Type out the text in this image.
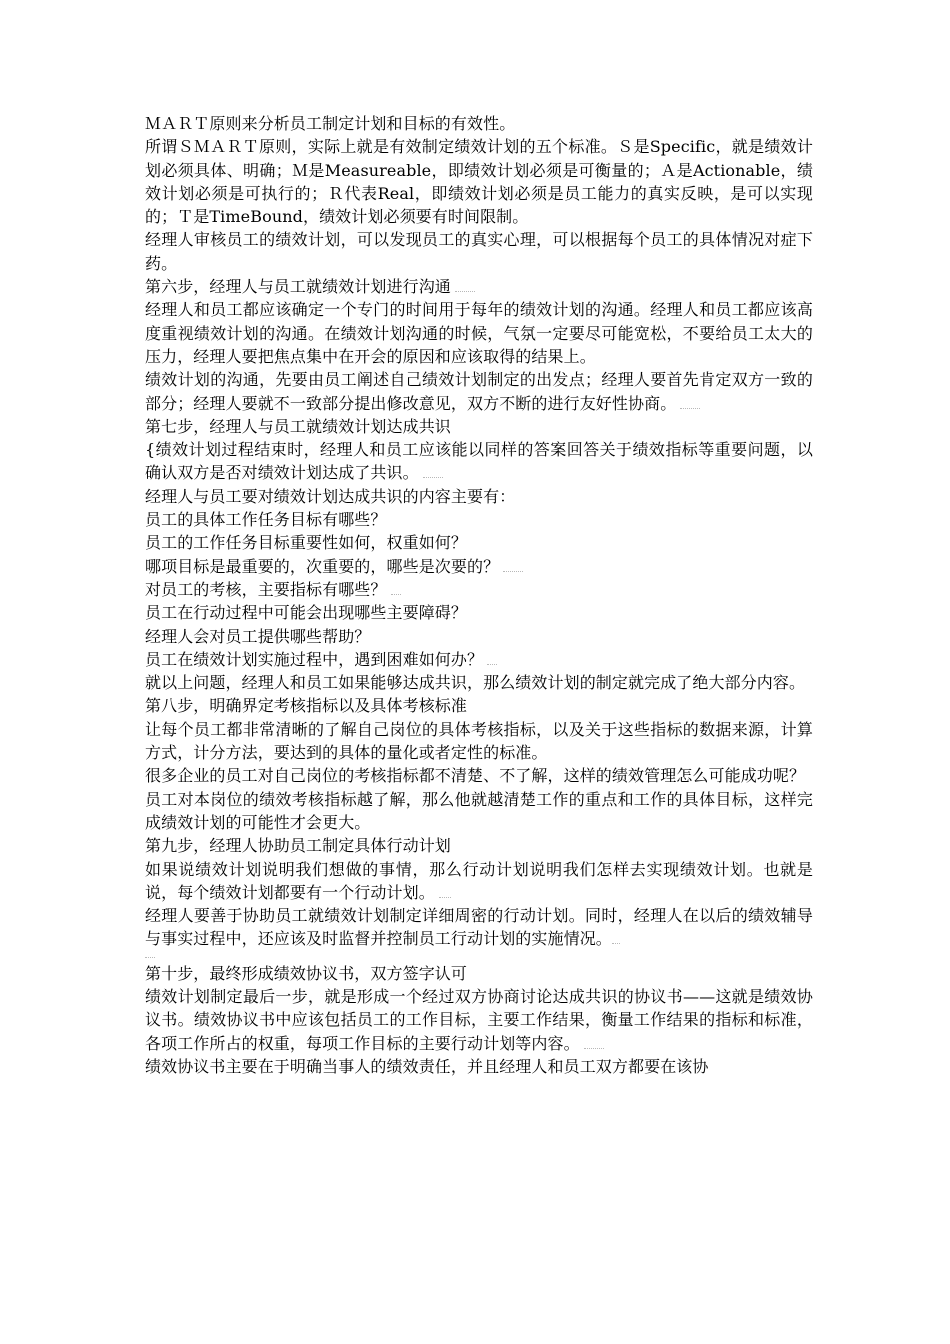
ＭＡＲＴ原则来分析员工制定计划和目标的有效性。

所谓ＳＭＡＲＴ原则，实际上就是有效制定绩效计划的五个标准。Ｓ是Specific，就是绩效计划必须具体、明确；Ｍ是Measureable，即绩效计划必须是可衡量的；Ａ是Actionable，绩效计划必须是可执行的；Ｒ代表Real，即绩效计划必须是员工能力的真实反映，是可以实现的；Ｔ是TimeBound，绩效计划必须要有时间限制。

经理人审核员工的绩效计划，可以发现员工的真实心理，可以根据每个员工的具体情况对症下药。

第六步，经理人与员工就绩效计划进行沟通

经理人和员工都应该确定一个专门的时间用于每年的绩效计划的沟通。经理人和员工都应该高度重视绩效计划的沟通。在绩效计划沟通的时候，气氛一定要尽可能宽松，不要给员工太大的压力，经理人要把焦点集中在开会的原因和应该取得的结果上。

绩效计划的沟通，先要由员工阐述自己绩效计划制定的出发点；经理人要首先肯定双方一致的部分；经理人要就不一致部分提出修改意见，双方不断的进行友好性协商。

第七步，经理人与员工就绩效计划达成共识

{绩效计划过程结束时，经理人和员工应该能以同样的答案回答关于绩效指标等重要问题，以确认双方是否对绩效计划达成了共识。

经理人与员工要对绩效计划达成共识的内容主要有：

员工的具体工作任务目标有哪些？

员工的工作任务目标重要性如何，权重如何？

哪项目标是最重要的，次重要的，哪些是次要的？

对员工的考核，主要指标有哪些？

员工在行动过程中可能会出现哪些主要障碍？

经理人会对员工提供哪些帮助？

员工在绩效计划实施过程中，遇到困难如何办？

就以上问题，经理人和员工如果能够达成共识，那么绩效计划的制定就完成了绝大部分内容。

第八步，明确界定考核指标以及具体考核标准

让每个员工都非常清晰的了解自己岗位的具体考核指标，以及关于这些指标的数据来源，计算方式，计分方法，要达到的具体的量化或者定性的标准。

很多企业的员工对自己岗位的考核指标都不清楚、不了解，这样的绩效管理怎么可能成功呢？

员工对本岗位的绩效考核指标越了解，那么他就越清楚工作的重点和工作的具体目标，这样完成绩效计划的可能性才会更大。

第九步，经理人协助员工制定具体行动计划

如果说绩效计划说明我们想做的事情，那么行动计划说明我们怎样去实现绩效计划。也就是说，每个绩效计划都要有一个行动计划。

经理人要善于协助员工就绩效计划制定详细周密的行动计划。同时，经理人在以后的绩效辅导与事实过程中，还应该及时监督并控制员工行动计划的实施情况。

第十步，最终形成绩效协议书，双方签字认可

绩效计划制定最后一步，就是形成一个经过双方协商讨论达成共识的协议书——这就是绩效协议书。绩效协议书中应该包括员工的工作目标，主要工作结果，衡量工作结果的指标和标准，各项工作所占的权重，每项工作目标的主要行动计划等内容。

绩效协议书主要在于明确当事人的绩效责任，并且经理人和员工双方都要在该协
